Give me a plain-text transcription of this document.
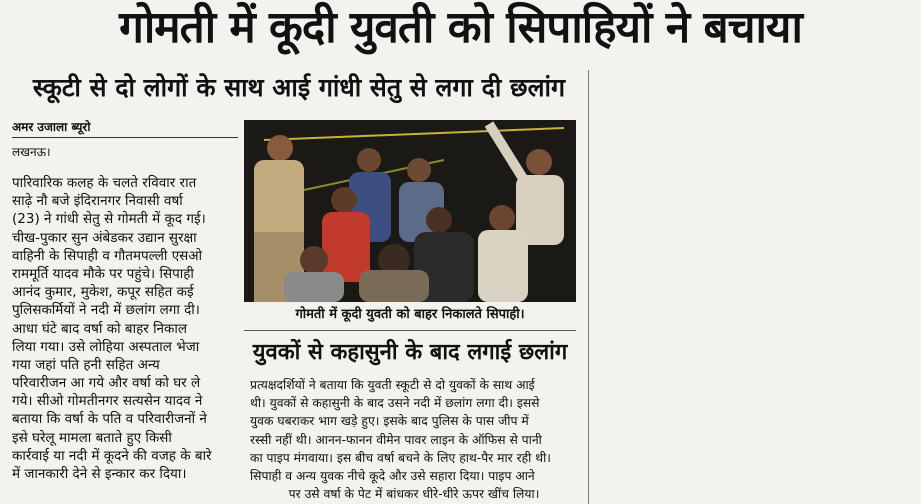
गोमती में कूदी युवती को सिपाहियों ने बचाया
स्कूटी से दो लोगों के साथ आई गांधी सेतु से लगा दी छलांग
अमर उजाला ब्यूरो
लखनऊ।
पारिवारिक कलह के चलते रविवार रात
साढ़े नौ बजे इंदिरानगर निवासी वर्षा
(23) ने गांधी सेतु से गोमती में कूद गई।
चीख-पुकार सुन अंबेडकर उद्यान सुरक्षा
वाहिनी के सिपाही व गौतमपल्ली एसओ
राममूर्ति यादव मौके पर पहुंचे। सिपाही
आनंद कुमार, मुकेश, कपूर सहित कई
पुलिसकर्मियों ने नदी में छलांग लगा दी।
आधा घंटे बाद वर्षा को बाहर निकाल
लिया गया। उसे लोहिया अस्पताल भेजा
गया जहां पति हनी सहित अन्य
परिवारीजन आ गये और वर्षा को घर ले
गये। सीओ गोमतीनगर सत्यसेन यादव ने
बताया कि वर्षा के पति व परिवारीजनों ने
इसे घरेलू मामला बताते हुए किसी
कार्रवाई या नदी में कूदने की वजह के बारे
में जानकारी देने से इन्कार कर दिया।
गोमती में कूदी युवती को बाहर निकालते सिपाही।
युवकों से कहासुनी के बाद लगाई छलांग
प्रत्यक्षदर्शियों ने बताया कि युवती स्कूटी से दो युवकों के साथ आई
थी। युवकों से कहासुनी के बाद उसने नदी में छलांग लगा दी। इससे
युवक घबराकर भाग खड़े हुए। इसके बाद पुलिस के पास जीप में
रस्सी नहीं थी। आनन-फानन वीमेन पावर लाइन के ऑफिस से पानी
का पाइप मंगवाया। इस बीच वर्षा बचने के लिए हाथ-पैर मार रही थी।
सिपाही व अन्य युवक नीचे कूदे और उसे सहारा दिया। पाइप आने
पर उसे वर्षा के पेट में बांधकर धीरे-धीरे ऊपर खींच लिया।
